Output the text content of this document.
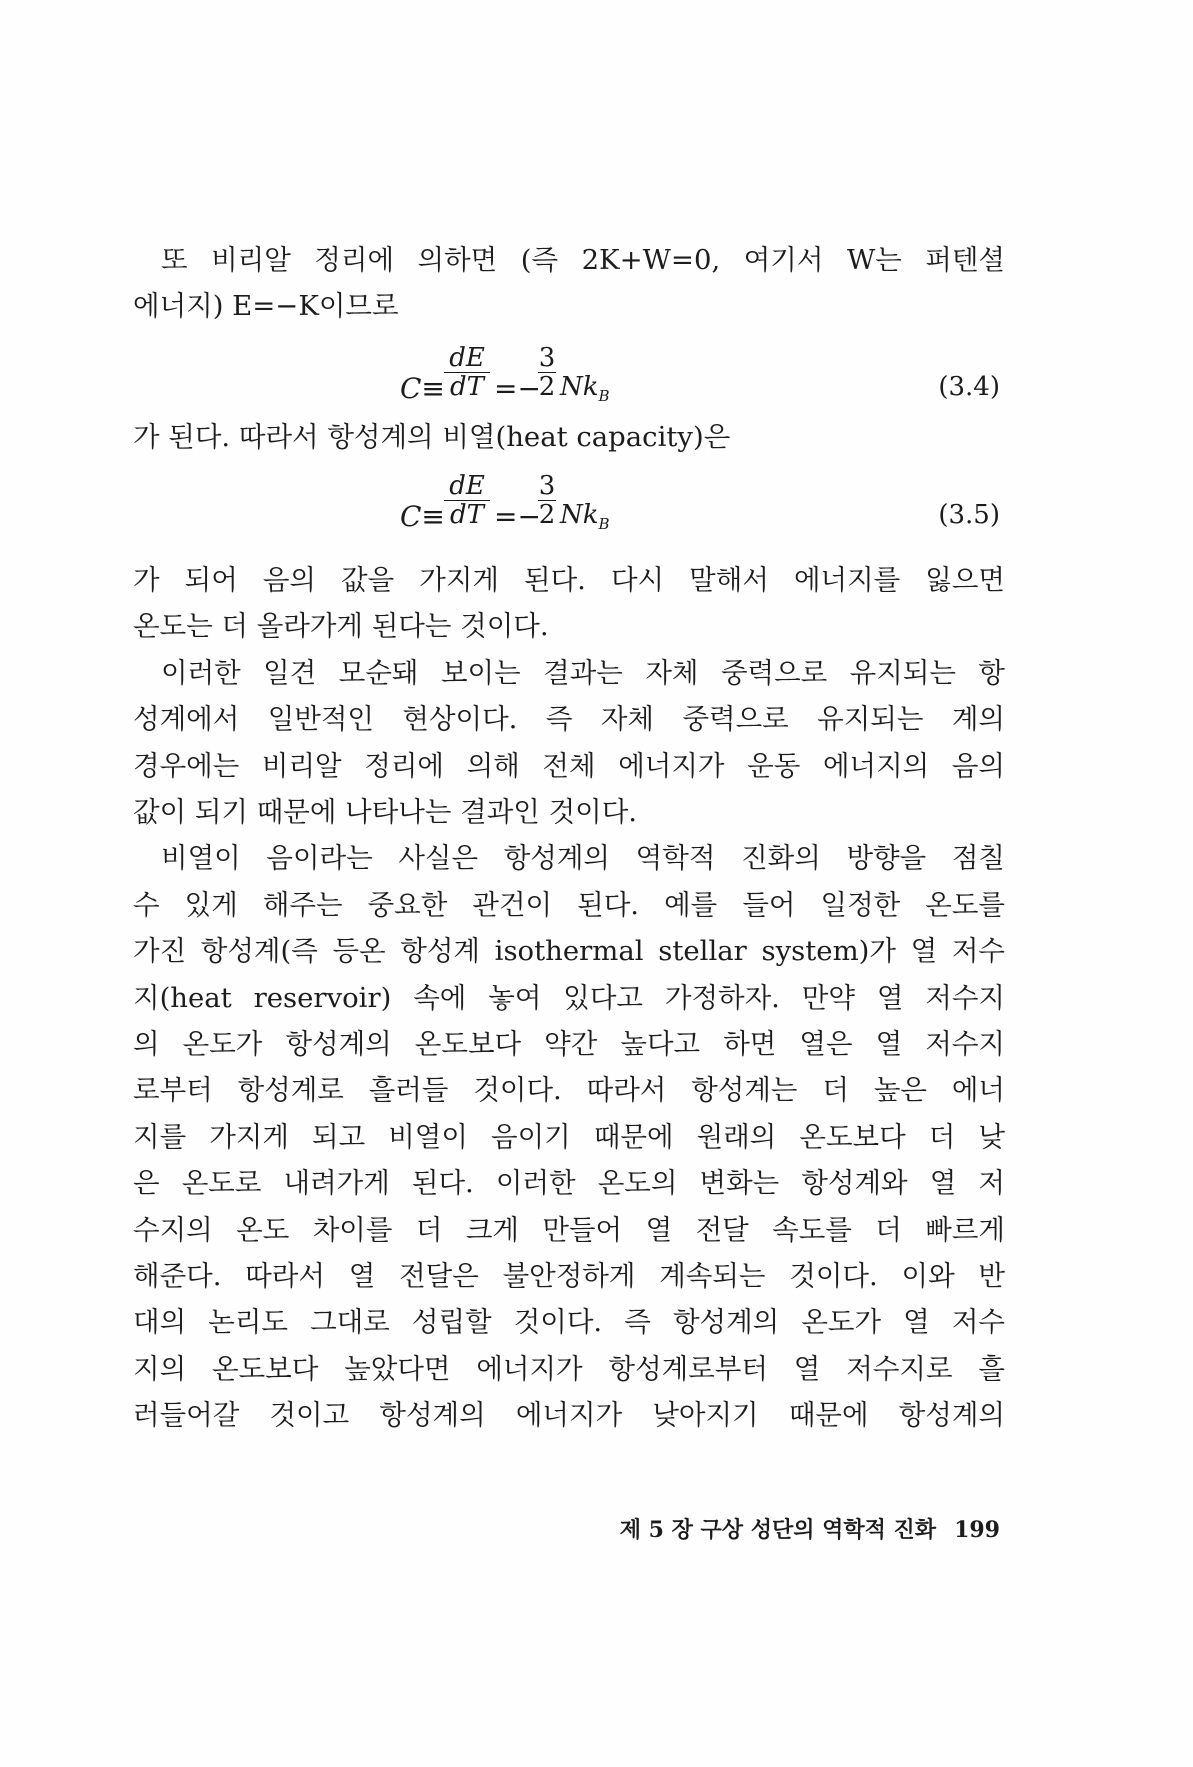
또 비리알 정리에 의하면 (즉 2K+W=0, 여기서 W는 퍼텐셜
에너지) E=−K이므로
C≡
dE
dT =−
3
2 $Nk_B$	(3.4)
가 된다. 따라서 항성계의 비열(heat capacity)은
C≡
dE
dT =−
3
2 $Nk_B$	(3.5)
가 되어 음의 값을 가지게 된다. 다시 말해서 에너지를 잃으면
온도는 더 올라가게 된다는 것이다.
이러한 일견 모순돼 보이는 결과는 자체 중력으로 유지되는 항
성계에서 일반적인 현상이다. 즉 자체 중력으로 유지되는 계의
경우에는 비리알 정리에 의해 전체 에너지가 운동 에너지의 음의
값이 되기 때문에 나타나는 결과인 것이다.
비열이 음이라는 사실은 항성계의 역학적 진화의 방향을 점칠
수 있게 해주는 중요한 관건이 된다. 예를 들어 일정한 온도를
가진 항성계(즉 등온 항성계 isothermal stellar system)가 열 저수
지(heat reservoir) 속에 놓여 있다고 가정하자. 만약 열 저수지
의 온도가 항성계의 온도보다 약간 높다고 하면 열은 열 저수지
로부터 항성계로 흘러들 것이다. 따라서 항성계는 더 높은 에너
지를 가지게 되고 비열이 음이기 때문에 원래의 온도보다 더 낮
은 온도로 내려가게 된다. 이러한 온도의 변화는 항성계와 열 저
수지의 온도 차이를 더 크게 만들어 열 전달 속도를 더 빠르게
해준다. 따라서 열 전달은 불안정하게 계속되는 것이다. 이와 반
대의 논리도 그대로 성립할 것이다. 즉 항성계의 온도가 열 저수
지의 온도보다 높았다면 에너지가 항성계로부터 열 저수지로 흘
러들어갈 것이고 항성계의 에너지가 낮아지기 때문에 항성계의
제 5 장 구상 성단의 역학적 진화 199
